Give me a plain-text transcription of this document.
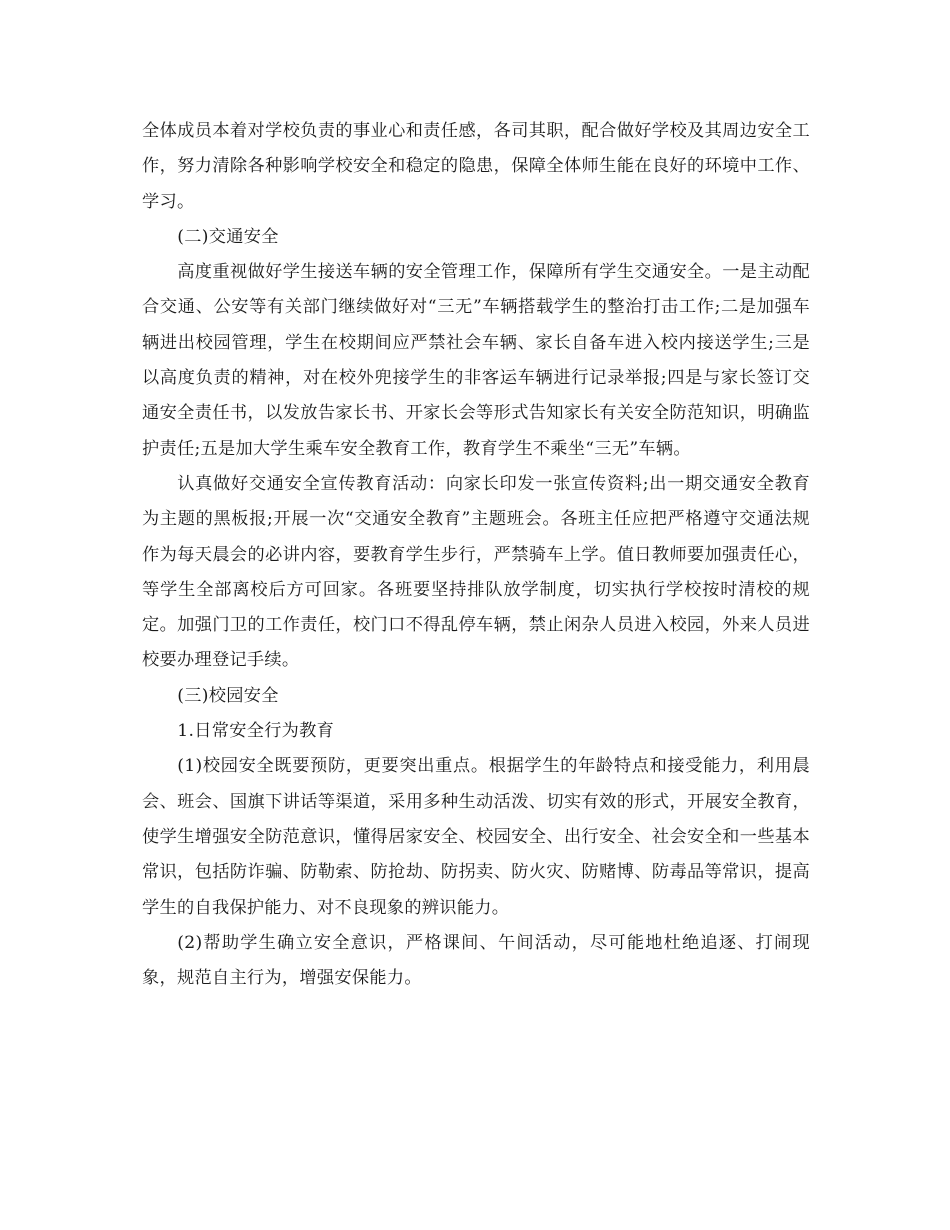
全体成员本着对学校负责的事业心和责任感，各司其职，配合做好学校及其周边安全工作，努力清除各种影响学校安全和稳定的隐患，保障全体师生能在良好的环境中工作、学习。

(二)交通安全

高度重视做好学生接送车辆的安全管理工作，保障所有学生交通安全。一是主动配合交通、公安等有关部门继续做好对“三无”车辆搭载学生的整治打击工作;二是加强车辆进出校园管理，学生在校期间应严禁社会车辆、家长自备车进入校内接送学生;三是以高度负责的精神，对在校外兜接学生的非客运车辆进行记录举报;四是与家长签订交通安全责任书，以发放告家长书、开家长会等形式告知家长有关安全防范知识，明确监护责任;五是加大学生乘车安全教育工作，教育学生不乘坐“三无”车辆。

认真做好交通安全宣传教育活动：向家长印发一张宣传资料;出一期交通安全教育为主题的黑板报;开展一次“交通安全教育”主题班会。各班主任应把严格遵守交通法规作为每天晨会的必讲内容，要教育学生步行，严禁骑车上学。值日教师要加强责任心，等学生全部离校后方可回家。各班要坚持排队放学制度，切实执行学校按时清校的规定。加强门卫的工作责任，校门口不得乱停车辆，禁止闲杂人员进入校园，外来人员进校要办理登记手续。

(三)校园安全

1.日常安全行为教育

(1)校园安全既要预防，更要突出重点。根据学生的年龄特点和接受能力，利用晨会、班会、国旗下讲话等渠道，采用多种生动活泼、切实有效的形式，开展安全教育，使学生增强安全防范意识，懂得居家安全、校园安全、出行安全、社会安全和一些基本常识，包括防诈骗、防勒索、防抢劫、防拐卖、防火灾、防赌博、防毒品等常识，提高学生的自我保护能力、对不良现象的辨识能力。

(2)帮助学生确立安全意识，严格课间、午间活动，尽可能地杜绝追逐、打闹现象，规范自主行为，增强安保能力。
